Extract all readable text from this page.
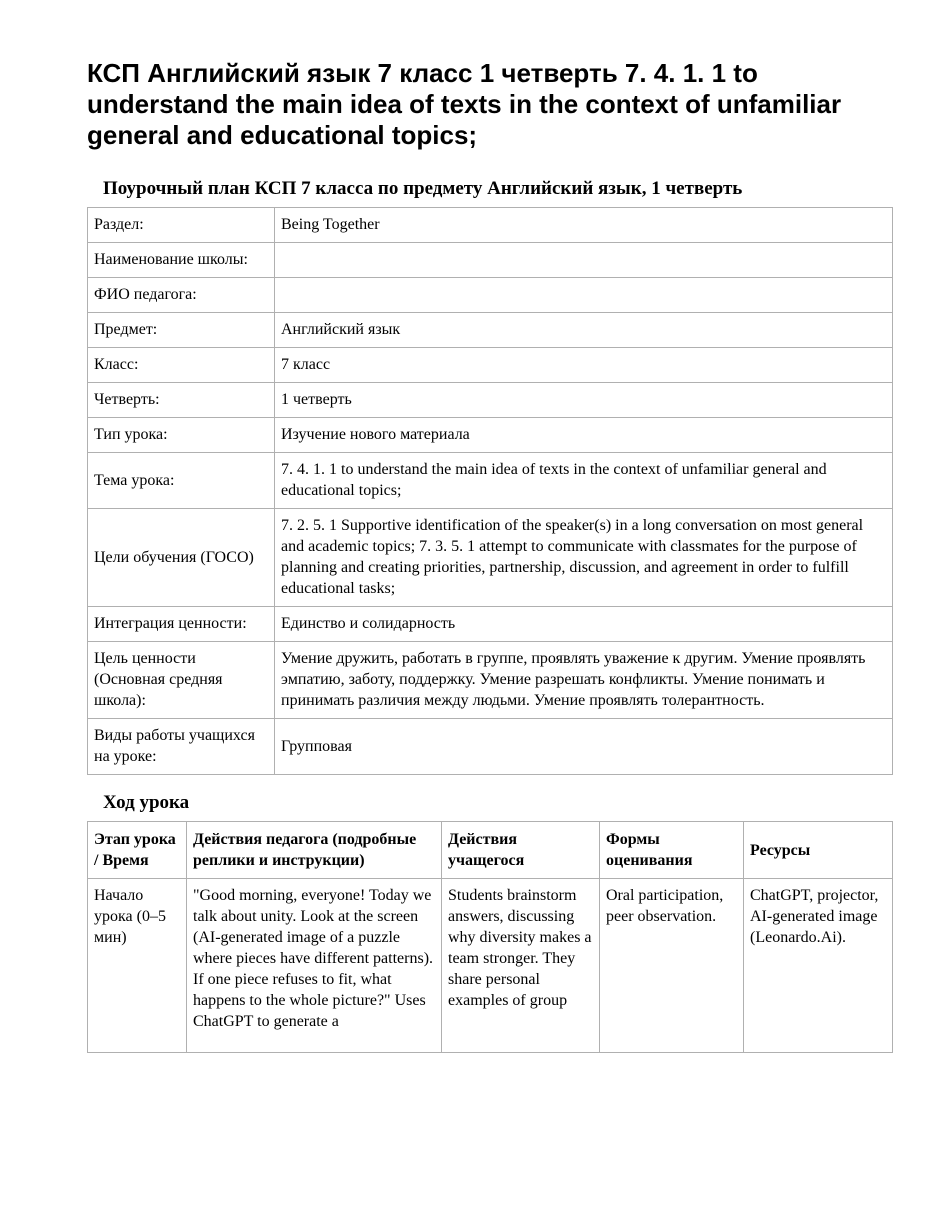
КСП Английский язык 7 класс 1 четверть 7. 4. 1. 1 to understand the main idea of texts in the context of unfamiliar general and educational topics;
Поурочный план КСП 7 класса по предмету Английский язык, 1 четверть
Раздел:	Being Together
Наименование школы:	
ФИО педагога:	
Предмет:	Английский язык
Класс:	7 класс
Четверть:	1 четверть
Тип урока:	Изучение нового материала
Тема урока:	7. 4. 1. 1 to understand the main idea of texts in the context of unfamiliar general and educational topics;
Цели обучения (ГОСО)	7. 2. 5. 1 Supportive identification of the speaker(s) in a long conversation on most general and academic topics; 7. 3. 5. 1 attempt to communicate with classmates for the purpose of planning and creating priorities, partnership, discussion, and agreement in order to fulfill educational tasks;
Интеграция ценности:	Единство и солидарность
Цель ценности (Основная средняя школа):	Умение дружить, работать в группе, проявлять уважение к другим. Умение проявлять эмпатию, заботу, поддержку. Умение разрешать конфликты. Умение понимать и принимать различия между людьми. Умение проявлять толерантность.
Виды работы учащихся на уроке:	Групповая
Ход урока
Этап урока / Время	Действия педагога (подробные реплики и инструкции)	Действия учащегося	Формы оценивания	Ресурсы

Начало урока (0–5 мин)	"Good morning, everyone! Today we talk about unity. Look at the screen (AI-generated image of a puzzle where pieces have different patterns). If one piece refuses to fit, what happens to the whole picture?" Uses ChatGPT to generate a	Students brainstorm answers, discussing why diversity makes a team stronger. They share personal examples of group	Oral participation, peer observation.	ChatGPT, projector, AI-generated image (Leonardo.Ai).
